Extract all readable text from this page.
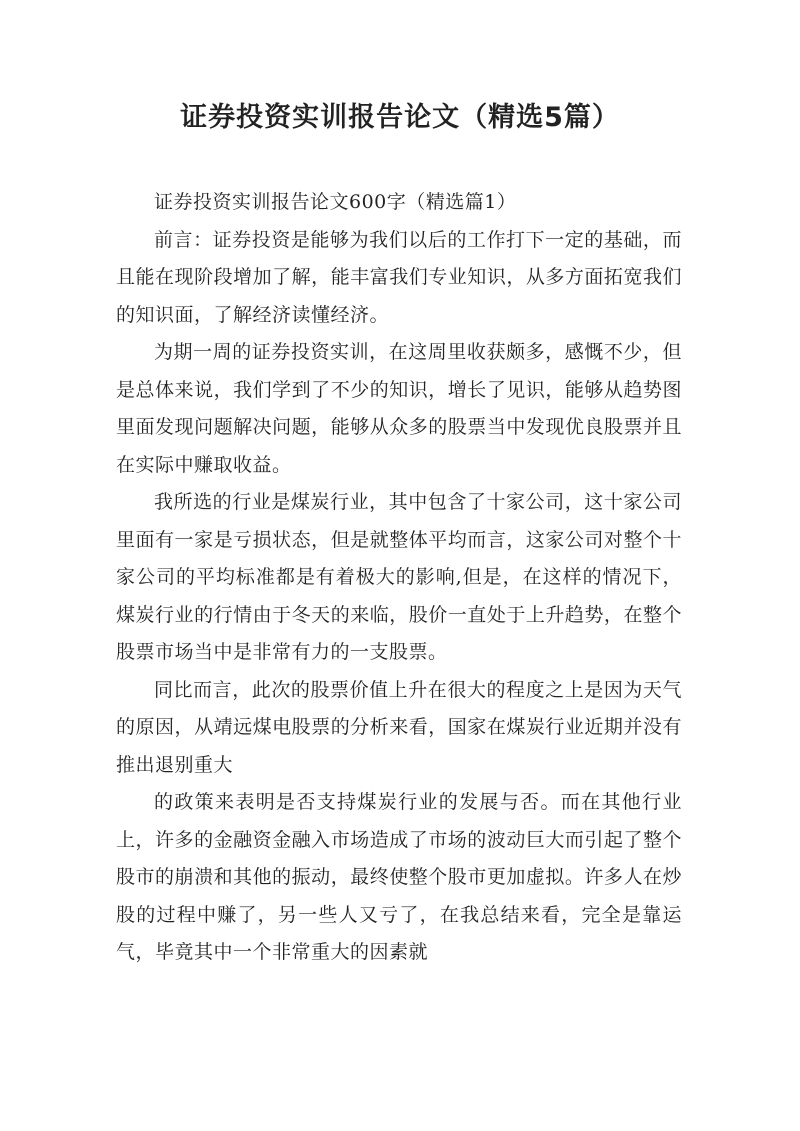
证券投资实训报告论文（精选5篇）

证券投资实训报告论文600字（精选篇1）

前言：证券投资是能够为我们以后的工作打下一定的基础，而且能在现阶段增加了解，能丰富我们专业知识，从多方面拓宽我们的知识面，了解经济读懂经济。

为期一周的证券投资实训，在这周里收获颇多，感慨不少，但是总体来说，我们学到了不少的知识，增长了见识，能够从趋势图里面发现问题解决问题，能够从众多的股票当中发现优良股票并且在实际中赚取收益。

我所选的行业是煤炭行业，其中包含了十家公司，这十家公司里面有一家是亏损状态，但是就整体平均而言，这家公司对整个十家公司的平均标准都是有着极大的影响,但是，在这样的情况下，煤炭行业的行情由于冬天的来临，股价一直处于上升趋势，在整个股票市场当中是非常有力的一支股票。

同比而言，此次的股票价值上升在很大的程度之上是因为天气的原因，从靖远煤电股票的分析来看，国家在煤炭行业近期并没有推出退别重大

的政策来表明是否支持煤炭行业的发展与否。而在其他行业上，许多的金融资金融入市场造成了市场的波动巨大而引起了整个股市的崩溃和其他的振动，最终使整个股市更加虚拟。许多人在炒股的过程中赚了，另一些人又亏了，在我总结来看，完全是靠运气，毕竟其中一个非常重大的因素就
